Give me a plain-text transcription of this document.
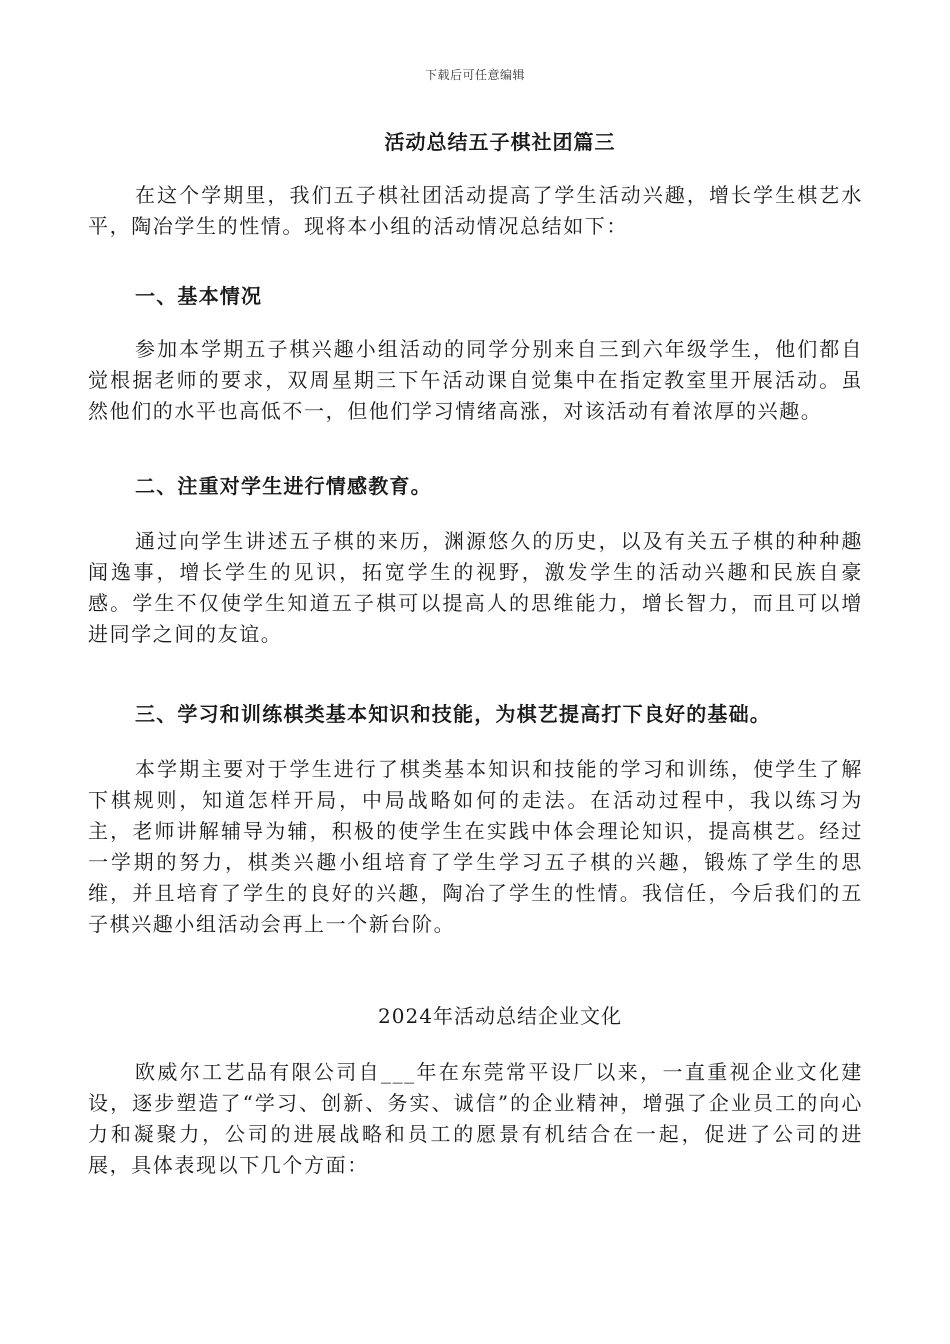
下载后可任意编辑
活动总结五子棋社团篇三
在这个学期里，我们五子棋社团活动提高了学生活动兴趣，增长学生棋艺水平，陶冶学生的性情。现将本小组的活动情况总结如下：
一、基本情况
参加本学期五子棋兴趣小组活动的同学分别来自三到六年级学生，他们都自觉根据老师的要求，双周星期三下午活动课自觉集中在指定教室里开展活动。虽然他们的水平也高低不一，但他们学习情绪高涨，对该活动有着浓厚的兴趣。
二、注重对学生进行情感教育。
通过向学生讲述五子棋的来历，渊源悠久的历史，以及有关五子棋的种种趣闻逸事，增长学生的见识，拓宽学生的视野，激发学生的活动兴趣和民族自豪感。学生不仅使学生知道五子棋可以提高人的思维能力，增长智力，而且可以增进同学之间的友谊。
三、学习和训练棋类基本知识和技能，为棋艺提高打下良好的基础。
本学期主要对于学生进行了棋类基本知识和技能的学习和训练，使学生了解下棋规则，知道怎样开局，中局战略如何的走法。在活动过程中，我以练习为主，老师讲解辅导为辅，积极的使学生在实践中体会理论知识，提高棋艺。经过一学期的努力，棋类兴趣小组培育了学生学习五子棋的兴趣，锻炼了学生的思维，并且培育了学生的良好的兴趣，陶冶了学生的性情。我信任，今后我们的五子棋兴趣小组活动会再上一个新台阶。
2024年活动总结企业文化
欧威尔工艺品有限公司自___年在东莞常平设厂以来，一直重视企业文化建设，逐步塑造了“学习、创新、务实、诚信”的企业精神，增强了企业员工的向心力和凝聚力，公司的进展战略和员工的愿景有机结合在一起，促进了公司的进展，具体表现以下几个方面：
